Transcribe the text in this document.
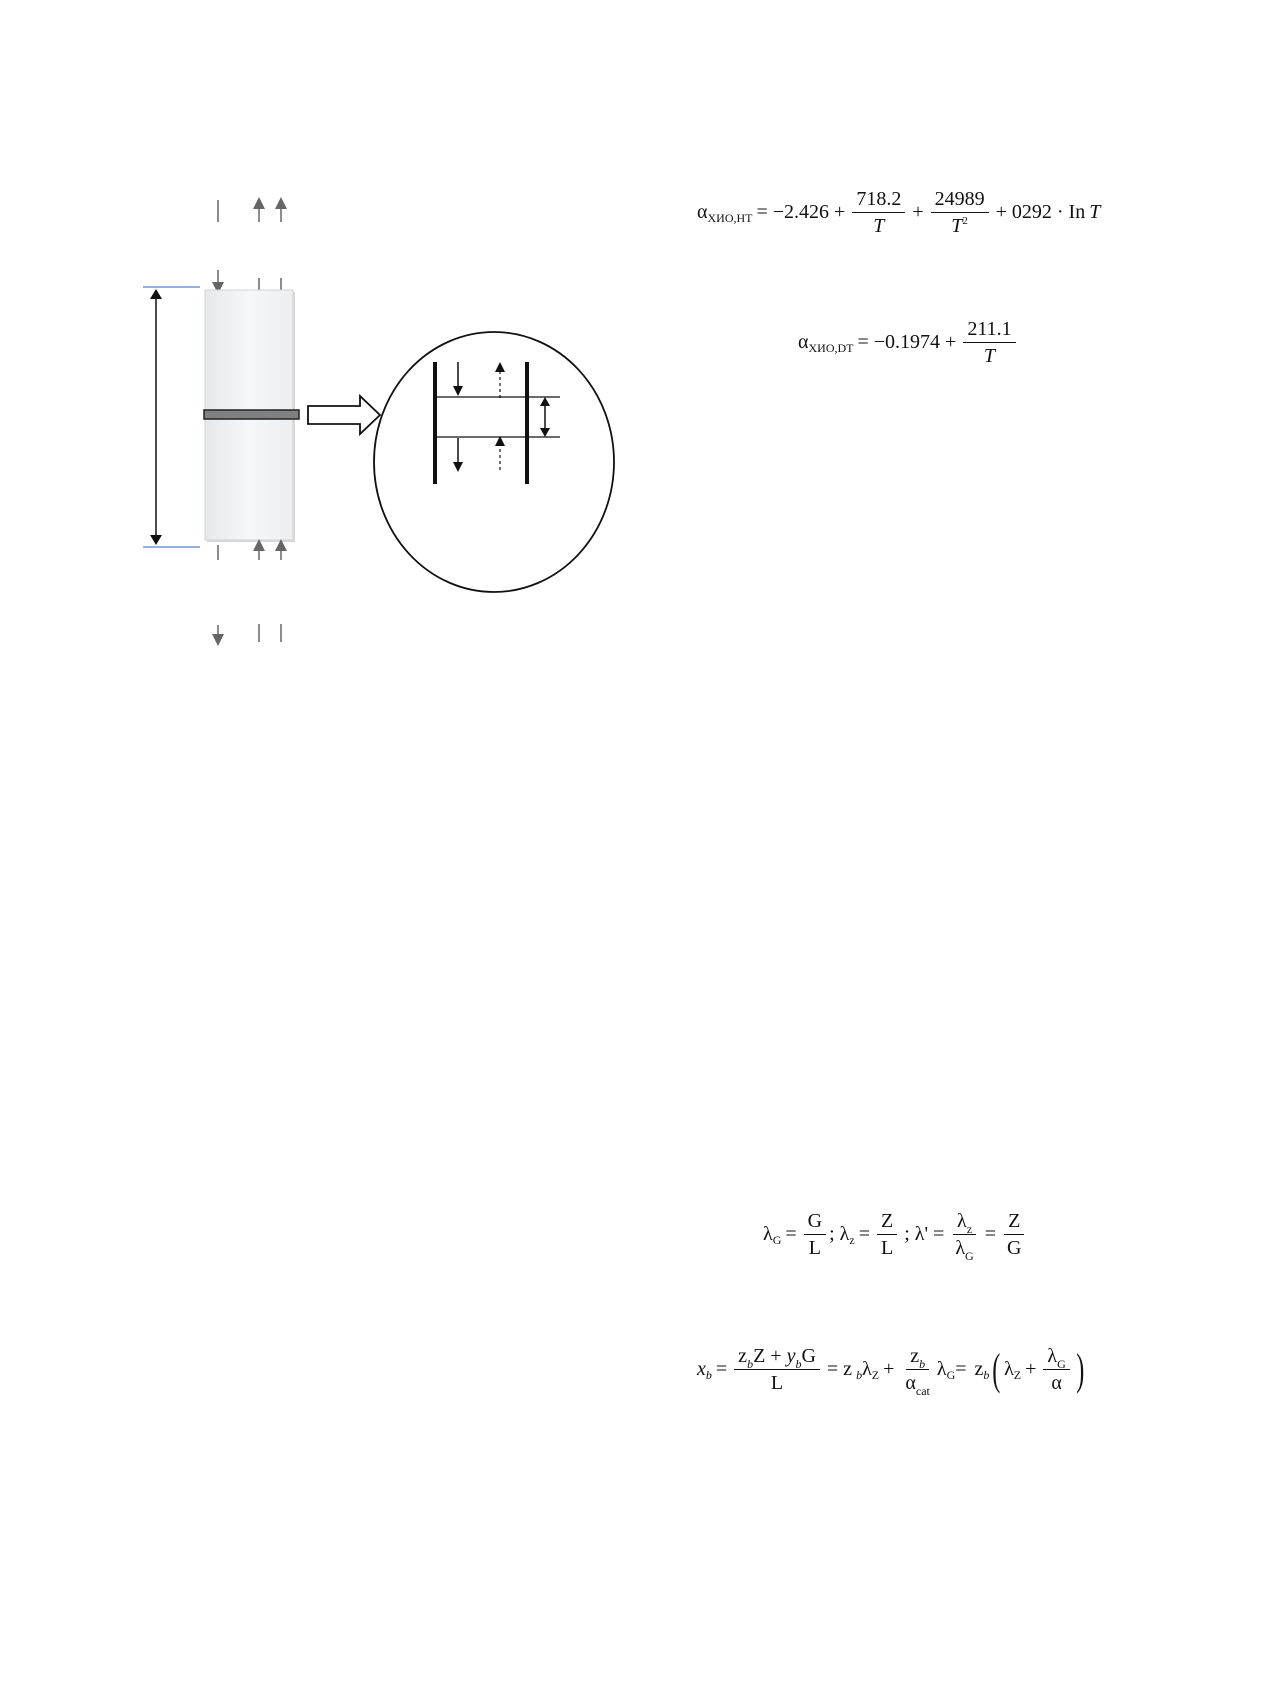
α $ХИО,НТ = -2.426 + \frac{718.2}{T} + \frac{24989}{T^2} + 0292 \cdot In$ T
α $ХИО,DT = -0.1974 + \frac{211.1}{T}$
λ $G = \frac{G}{L}$ ; λ $z = \frac{Z}{L}$ ; $\lambda' = \frac{\lambda_z}{\lambda_G} = \frac{Z}{G}$
x $b = \frac{z_bZ + y_bG}{L} = z$ b λ $Z + \frac{z_b}{\alpha_{cat}}$ λ G = z b ( λ $Z + \frac{\lambda_G}{\alpha}$ )
